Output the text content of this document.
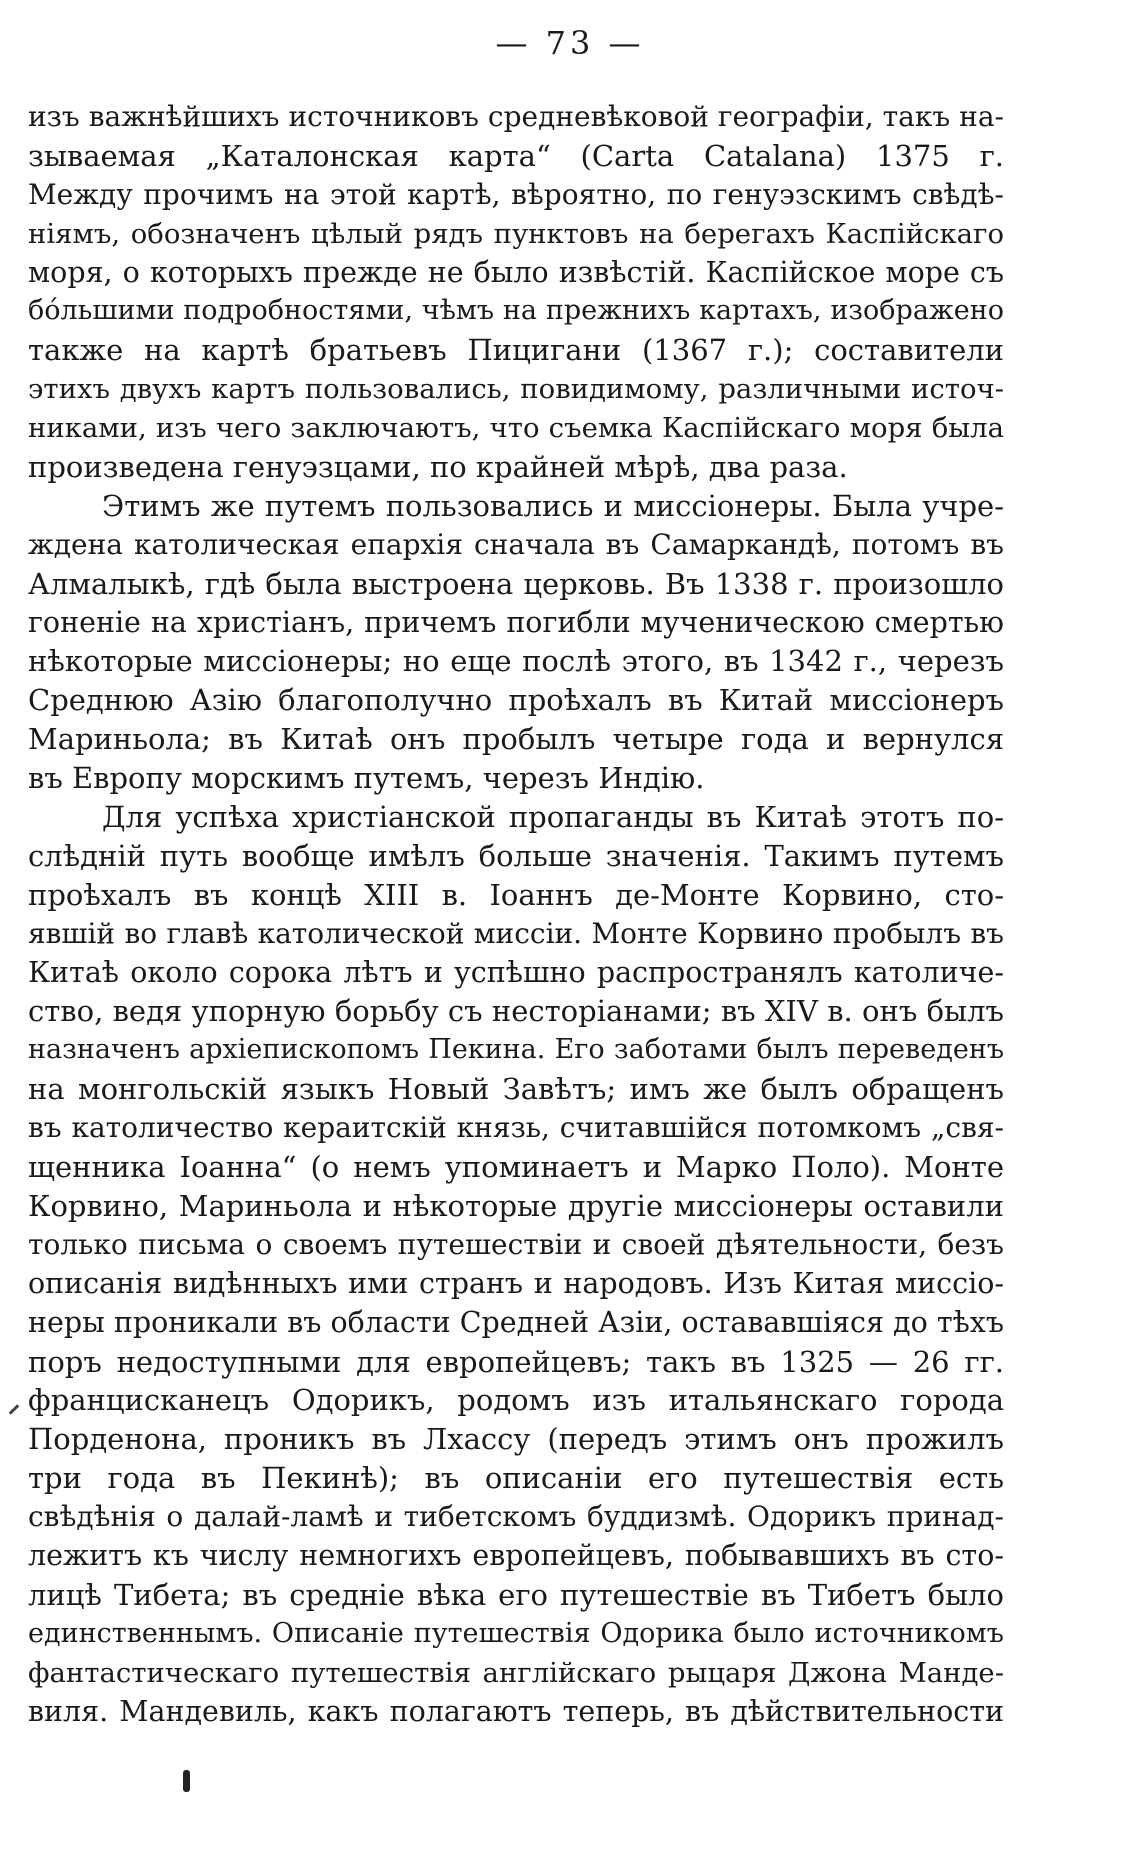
— 73 —
изъ важнѣйшихъ источниковъ средневѣковой географіи, такъ на-
зываемая „Каталонская карта“ (Carta Catalana) 1375 г.
Между прочимъ на этой картѣ, вѣроятно, по генуэзскимъ свѣдѣ-
ніямъ, обозначенъ цѣлый рядъ пунктовъ на берегахъ Каспійскаго
моря, о которыхъ прежде не было извѣстій. Каспійское море съ
бóльшими подробностями, чѣмъ на прежнихъ картахъ, изображено
также на картѣ братьевъ Пицигани (1367 г.); составители
этихъ двухъ картъ пользовались, повидимому, различными источ-
никами, изъ чего заключаютъ, что съемка Каспійскаго моря была
произведена генуэзцами, по крайней мѣрѣ, два раза.
Этимъ же путемъ пользовались и миссіонеры. Была учре-
ждена католическая епархія сначала въ Самаркандѣ, потомъ въ
Алмалыкѣ, гдѣ была выстроена церковь. Въ 1338 г. произошло
гоненіе на христіанъ, причемъ погибли мученическою смертью
нѣкоторые миссіонеры; но еще послѣ этого, въ 1342 г., черезъ
Среднюю Азію благополучно проѣхалъ въ Китай миссіонеръ
Мариньола; въ Китаѣ онъ пробылъ четыре года и вернулся
въ Европу морскимъ путемъ, черезъ Индію.
Для успѣха христіанской пропаганды въ Китаѣ этотъ по-
слѣдній путь вообще имѣлъ больше значенія. Такимъ путемъ
проѣхалъ въ концѣ XIII в. Іоаннъ де-Монте Корвино, сто-
явшій во главѣ католической миссіи. Монте Корвино пробылъ въ
Китаѣ около сорока лѣтъ и успѣшно распространялъ католиче-
ство, ведя упорную борьбу съ несторіанами; въ XIV в. онъ былъ
назначенъ архіепископомъ Пекина. Его заботами былъ переведенъ
на монгольскій языкъ Новый Завѣтъ; имъ же былъ обращенъ
въ католичество кераитскій князь, считавшійся потомкомъ „свя-
щенника Іоанна“ (о немъ упоминаетъ и Марко Поло). Монте
Корвино, Мариньола и нѣкоторые другіе миссіонеры оставили
только письма о своемъ путешествіи и своей дѣятельности, безъ
описанія видѣнныхъ ими странъ и народовъ. Изъ Китая миссіо-
неры проникали въ области Средней Азіи, остававшіяся до тѣхъ
поръ недоступными для европейцевъ; такъ въ 1325 — 26 гг.
францисканецъ Одорикъ, родомъ изъ итальянскаго города
Порденона, проникъ въ Лхассу (передъ этимъ онъ прожилъ
три года въ Пекинѣ); въ описаніи его путешествія есть
свѣдѣнія о далай-ламѣ и тибетскомъ буддизмѣ. Одорикъ принад-
лежитъ къ числу немногихъ европейцевъ, побывавшихъ въ сто-
лицѣ Тибета; въ средніе вѣка его путешествіе въ Тибетъ было
единственнымъ. Описаніе путешествія Одорика было источникомъ
фантастическаго путешествія англійскаго рыцаря Джона Манде-
виля. Мандевиль, какъ полагаютъ теперь, въ дѣйствительности
